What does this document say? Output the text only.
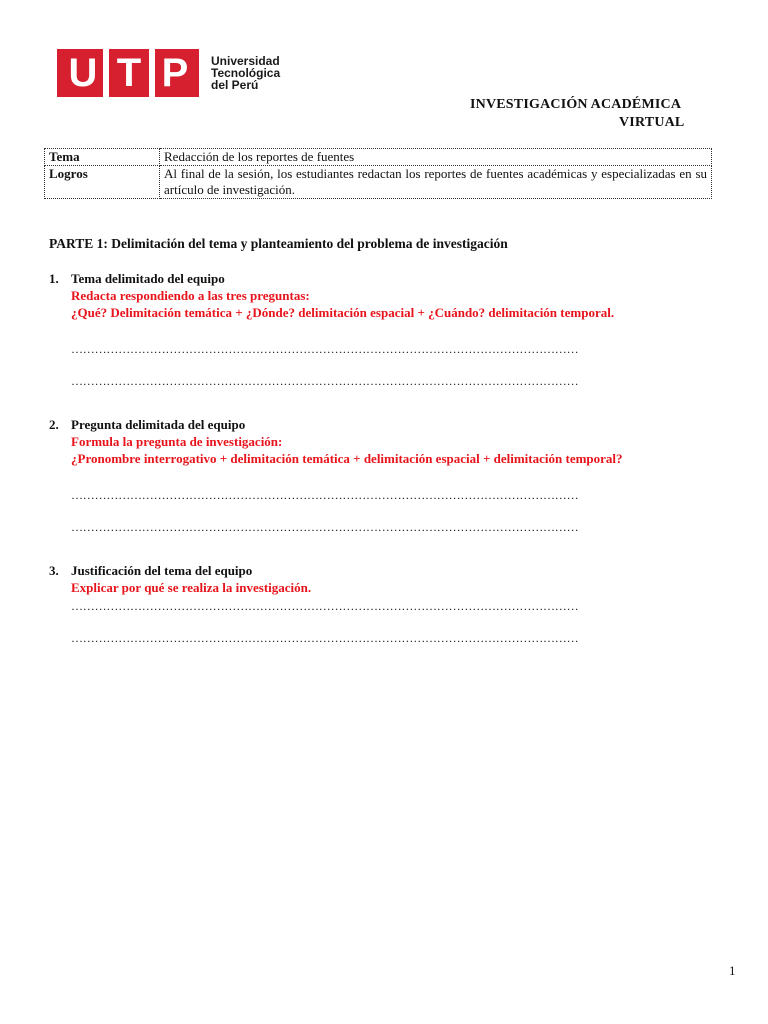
U T P	Universidad
Tecnológica
del Perú
INVESTIGACIÓN ACADÉMICA
VIRTUAL
Tema	Redacción de los reportes de fuentes
Logros	Al final de la sesión, los estudiantes redactan los reportes de fuentes académicas y especializadas en su artículo de investigación.
PARTE 1: Delimitación del tema y planteamiento del problema de investigación
1. Tema delimitado del equipo
Redacta respondiendo a las tres preguntas:
¿Qué? Delimitación temática + ¿Dónde? delimitación espacial + ¿Cuándo? delimitación temporal.
…………………………………………………………………………………………………………………
…………………………………………………………………………………………………………………
2. Pregunta delimitada del equipo
Formula la pregunta de investigación:
¿Pronombre interrogativo + delimitación temática + delimitación espacial + delimitación temporal?
…………………………………………………………………………………………………………………
…………………………………………………………………………………………………………………
3. Justificación del tema del equipo
Explicar por qué se realiza la investigación.
…………………………………………………………………………………………………………………
…………………………………………………………………………………………………………………
1
